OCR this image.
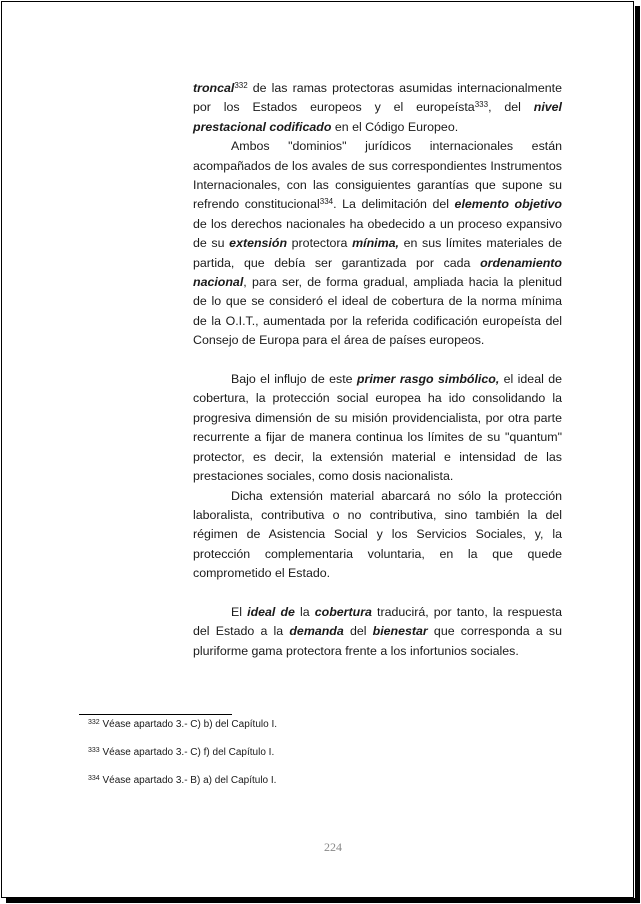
troncal$^{332}$ de las ramas protectoras asumidas internacionalmente por los Estados europeos y el europeísta$^{333}$, del nivel prestacional codificado en el Código Europeo.

Ambos "dominios" jurídicos internacionales están acompañados de los avales de sus correspondientes Instrumentos Internacionales, con las consiguientes garantías que supone su refrendo constitucional$^{334}$. La delimitación del elemento objetivo de los derechos nacionales ha obedecido a un proceso expansivo de su extensión protectora mínima, en sus límites materiales de partida, que debía ser garantizada por cada ordenamiento nacional, para ser, de forma gradual, ampliada hacia la plenitud de lo que se consideró el ideal de cobertura de la norma mínima de la O.I.T., aumentada por la referida codificación europeísta del Consejo de Europa para el área de países europeos.

Bajo el influjo de este primer rasgo simbólico, el ideal de cobertura, la protección social europea ha ido consolidando la progresiva dimensión de su misión providencialista, por otra parte recurrente a fijar de manera continua los límites de su "quantum" protector, es decir, la extensión material e intensidad de las prestaciones sociales, como dosis nacionalista.

Dicha extensión material abarcará no sólo la protección laboralista, contributiva o no contributiva, sino también la del régimen de Asistencia Social y los Servicios Sociales, y, la protección complementaria voluntaria, en la que quede comprometido el Estado.

El ideal de la cobertura traducirá, por tanto, la respuesta del Estado a la demanda del bienestar que corresponda a su pluriforme gama protectora frente a los infortunios sociales.

$^{332}$ Véase apartado 3.- C) b) del Capítulo I.

$^{333}$ Véase apartado 3.- C) f) del Capítulo I.

$^{334}$ Véase apartado 3.- B) a) del Capítulo I.

224
